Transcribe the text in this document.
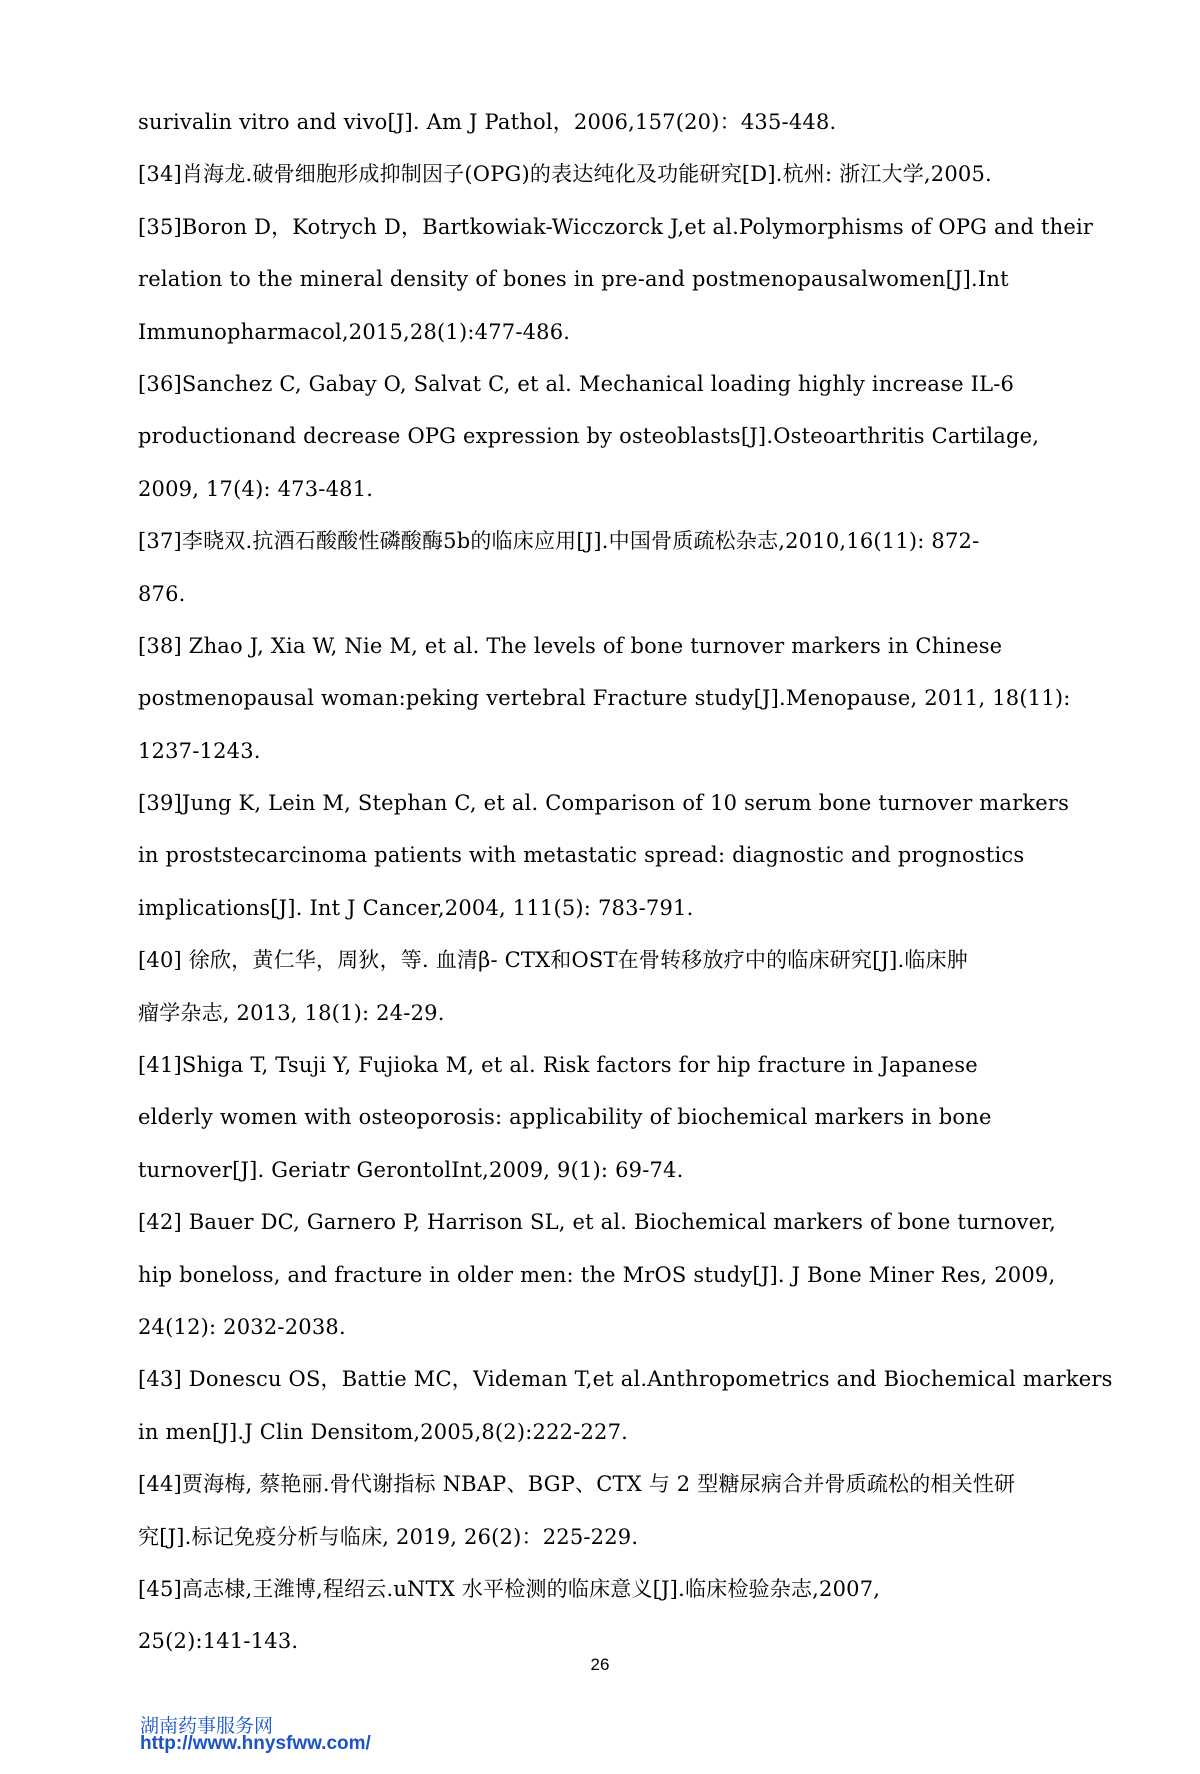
surivalin vitro and vivo[J]. Am J Pathol，2006,157(20)：435-448.
[34]肖海龙.破骨细胞形成抑制因子(OPG)的表达纯化及功能研究[D].杭州: 浙江大学,2005.
[35]Boron D，Kotrych D，Bartkowiak-Wicczorck J,et al.Polymorphisms of OPG and their
relation to the mineral density of bones in pre-and postmenopausalwomen[J].Int
Immunopharmacol,2015,28(1):477-486.
[36]Sanchez C, Gabay O, Salvat C, et al. Mechanical loading highly increase IL-6
productionand decrease OPG expression by osteoblasts[J].Osteoarthritis Cartilage,
2009, 17(4): 473-481.
[37]李晓双.抗酒石酸酸性磷酸酶5b的临床应用[J].中国骨质疏松杂志,2010,16(11): 872-
876.
[38] Zhao J, Xia W, Nie M, et al. The levels of bone turnover markers in Chinese
postmenopausal woman:peking vertebral Fracture study[J].Menopause, 2011, 18(11):
1237-1243.
[39]Jung K, Lein M, Stephan C, et al. Comparison of 10 serum bone turnover markers
in proststecarcinoma patients with metastatic spread: diagnostic and prognostics
implications[J]. Int J Cancer,2004, 111(5): 783-791.
[40] 徐欣，黄仁华，周狄，等. 血清β- CTX和OST在骨转移放疗中的临床研究[J].临床肿
瘤学杂志, 2013, 18(1): 24-29.
[41]Shiga T, Tsuji Y, Fujioka M, et al. Risk factors for hip fracture in Japanese
elderly women with osteoporosis: applicability of biochemical markers in bone
turnover[J]. Geriatr GerontolInt,2009, 9(1): 69-74.
[42] Bauer DC, Garnero P, Harrison SL, et al. Biochemical markers of bone turnover,
hip boneloss, and fracture in older men: the MrOS study[J]. J Bone Miner Res, 2009,
24(12): 2032-2038.
[43] Donescu OS，Battie MC，Videman T,et al.Anthropometrics and Biochemical markers
in men[J].J Clin Densitom,2005,8(2):222-227.
[44]贾海梅, 蔡艳丽.骨代谢指标 NBAP、BGP、CTX 与 2 型糖尿病合并骨质疏松的相关性研
究[J].标记免疫分析与临床, 2019, 26(2)：225-229.
[45]高志棣,王潍博,程绍云.uNTX 水平检测的临床意义[J].临床检验杂志,2007,
25(2):141-143.
26
湖南药事服务网
http://www.hnysfww.com/
